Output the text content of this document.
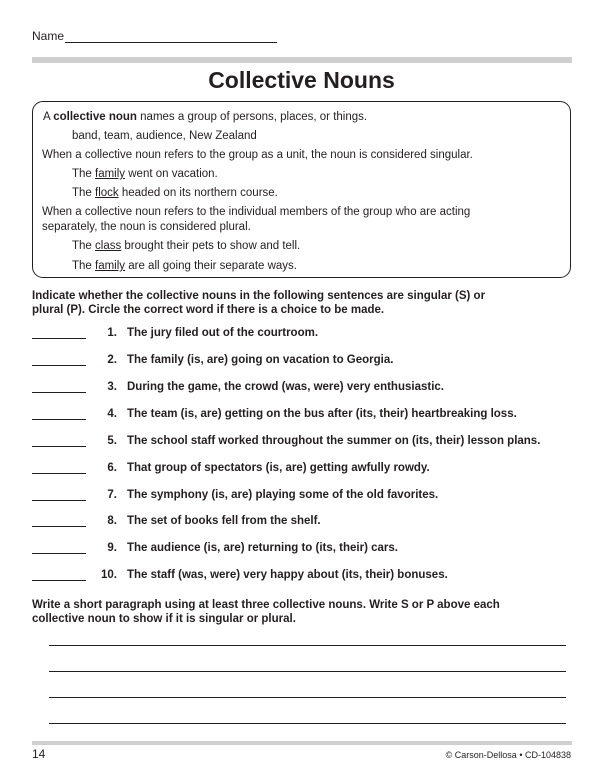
Name
Collective Nouns
A collective noun names a group of persons, places, or things.
band, team, audience, New Zealand
When a collective noun refers to the group as a unit, the noun is considered singular.
The family went on vacation.
The flock headed on its northern course.
When a collective noun refers to the individual members of the group who are acting
separately, the noun is considered plural.
The class brought their pets to show and tell.
The family are all going their separate ways.
Indicate whether the collective nouns in the following sentences are singular (S) or
plural (P). Circle the correct word if there is a choice to be made.
1. The jury filed out of the courtroom.
2. The family (is, are) going on vacation to Georgia.
3. During the game, the crowd (was, were) very enthusiastic.
4. The team (is, are) getting on the bus after (its, their) heartbreaking loss.
5. The school staff worked throughout the summer on (its, their) lesson plans.
6. That group of spectators (is, are) getting awfully rowdy.
7. The symphony (is, are) playing some of the old favorites.
8. The set of books fell from the shelf.
9. The audience (is, are) returning to (its, their) cars.
10. The staff (was, were) very happy about (its, their) bonuses.
Write a short paragraph using at least three collective nouns. Write S or P above each
collective noun to show if it is singular or plural.
14	© Carson-Dellosa • CD-104838
